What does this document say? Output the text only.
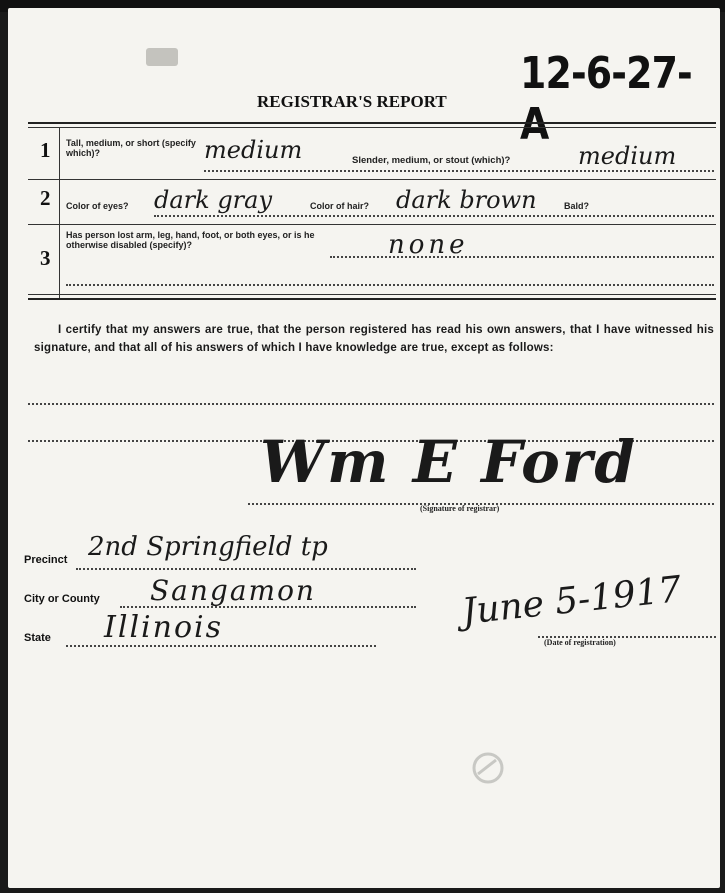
12-6-27-A
REGISTRAR'S REPORT
1 Tall, medium, or short (specify which)?	medium	Slender, medium, or stout (which)?	medium
2 Color of eyes? dark gray	Color of hair? dark brown	Bald?
3
Has person lost arm, leg, hand, foot, or both eyes, or is he otherwise disabled (specify)?	none
I certify that my answers are true, that the person registered has read his own answers, that I have witnessed his signature, and that all of his answers of which I have knowledge are true, except as follows:
Wm E Ford
(Signature of registrar)
Precinct 2nd Springfield tp
City or County Sangamon
State Illinois	June 5-1917
(Date of registration)
